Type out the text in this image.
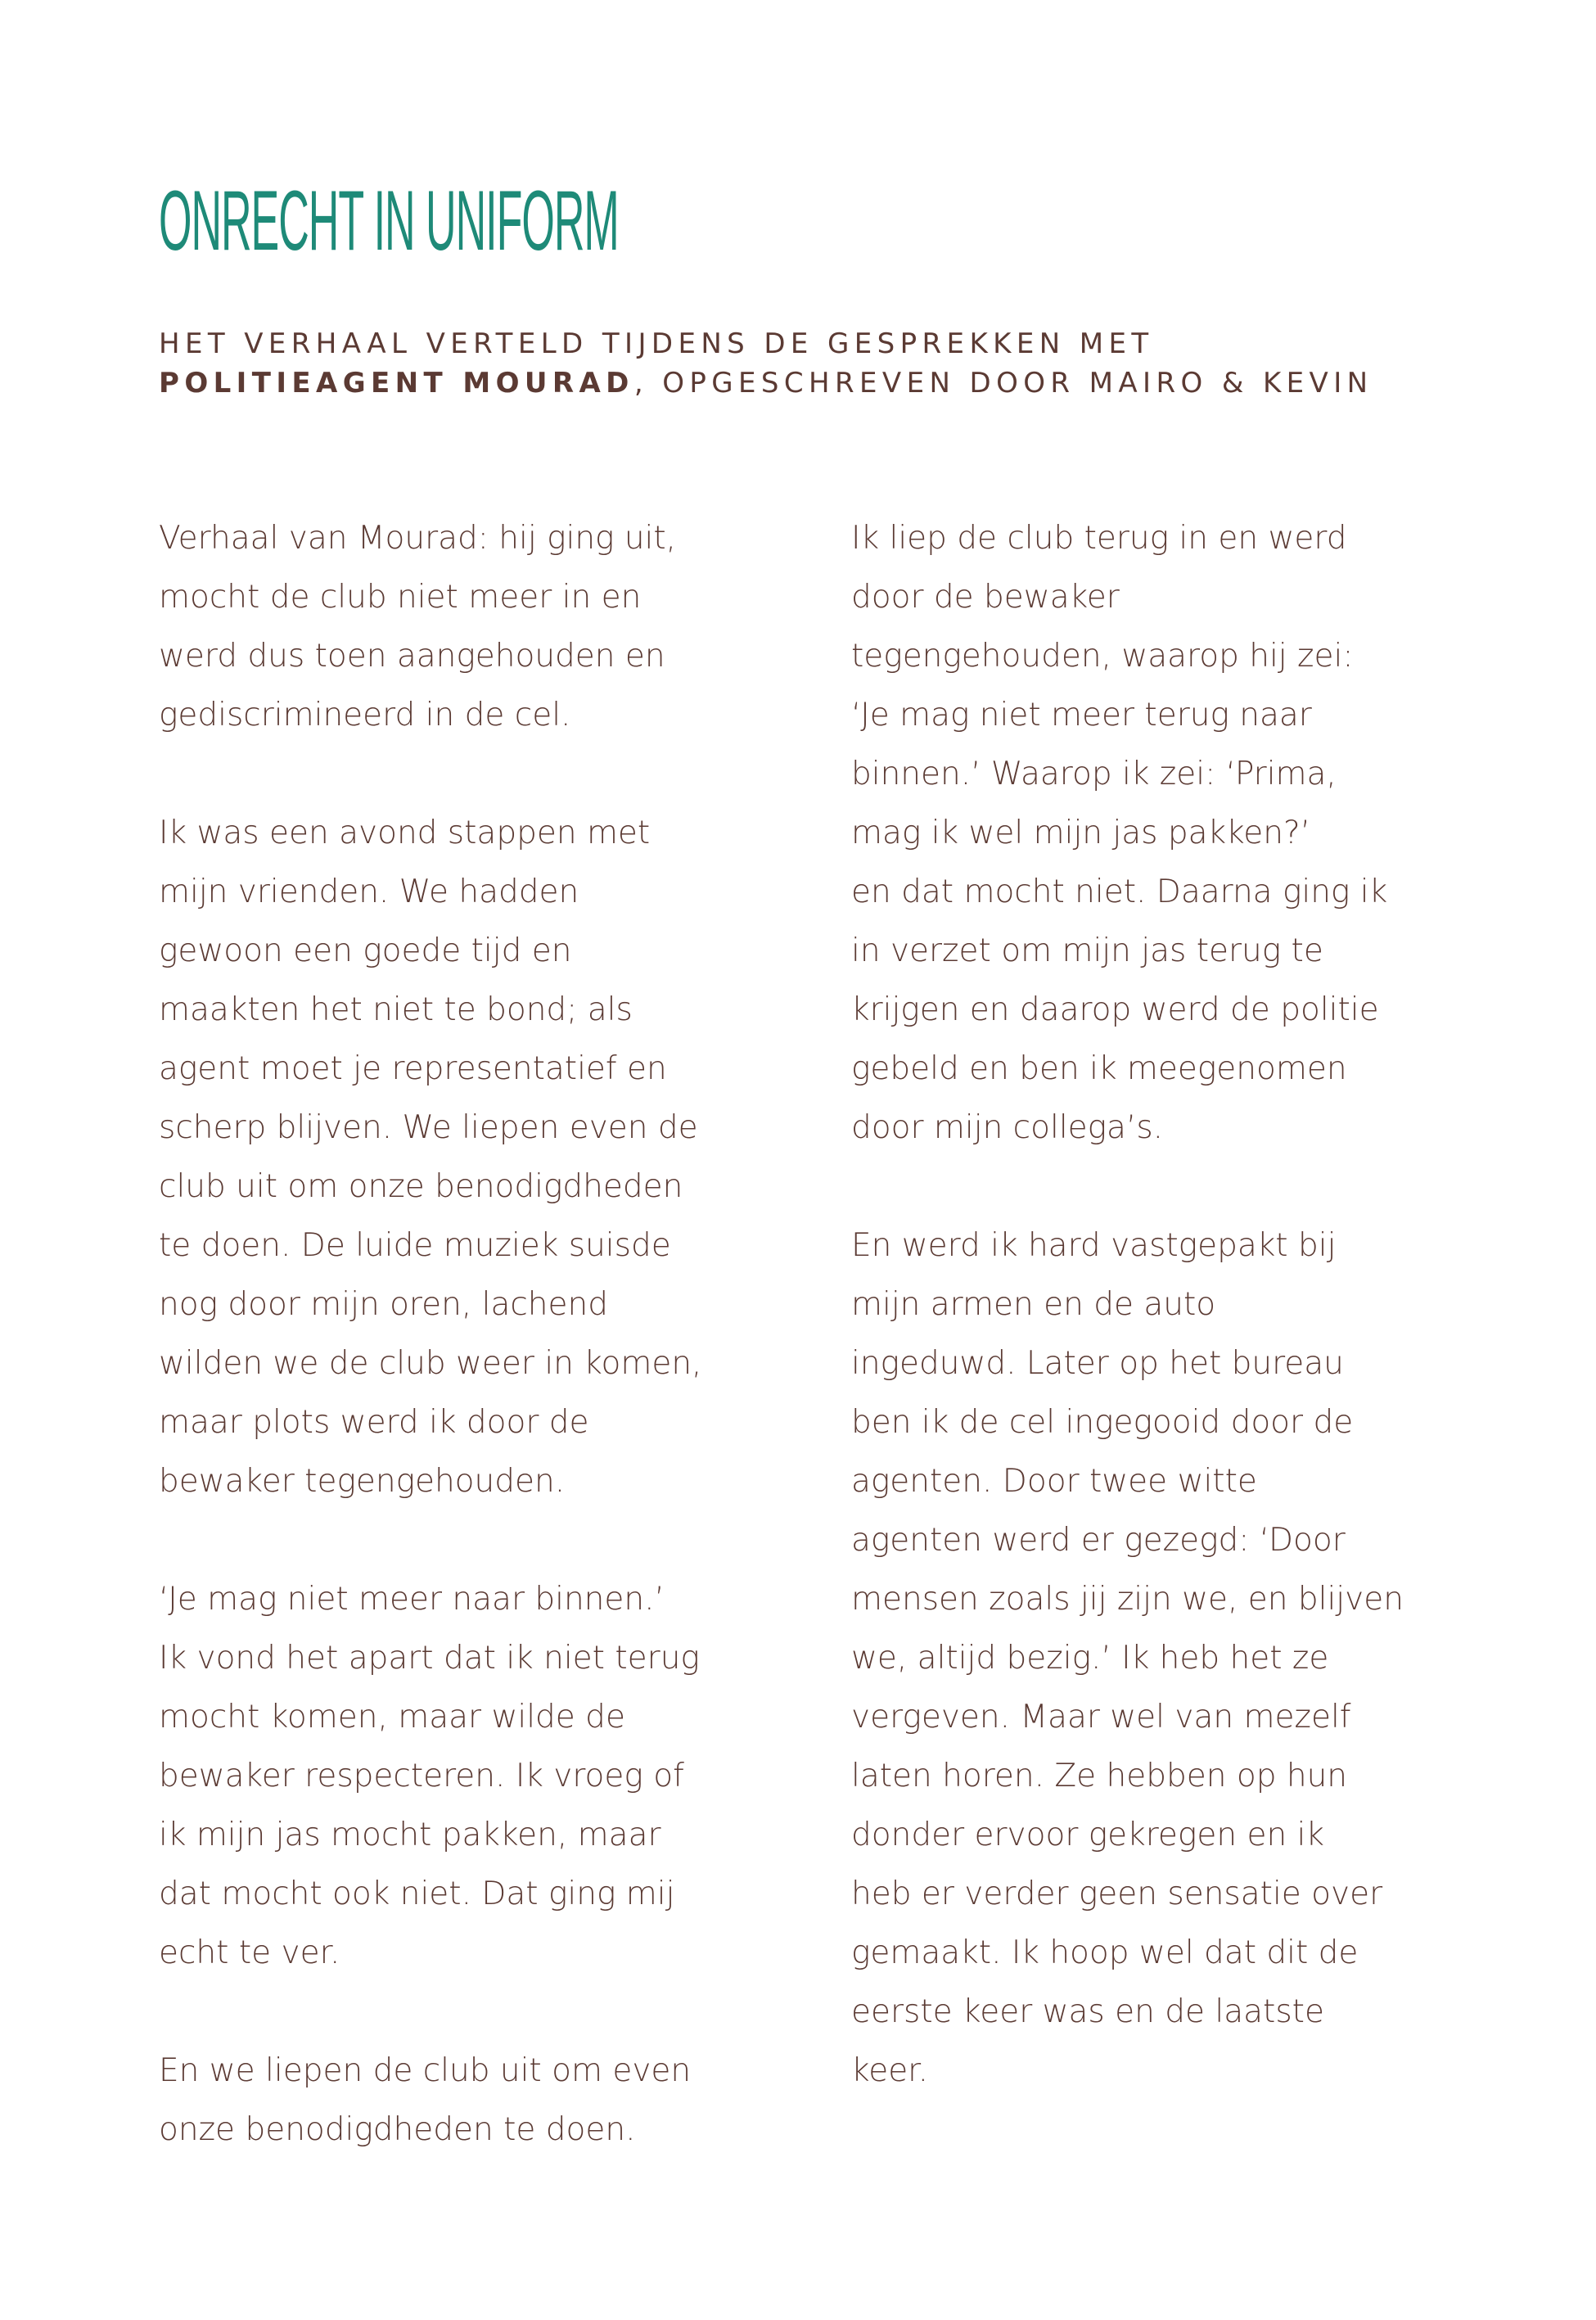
ONRECHT IN UNIFORM
HET VERHAAL VERTELD TIJDENS DE GESPREKKEN MET
POLITIEAGENT MOURAD, OPGESCHREVEN DOOR MAIRO & KEVIN

Verhaal van Mourad: hij ging uit,
mocht de club niet meer in en
werd dus toen aangehouden en
gediscrimineerd in de cel.

Ik was een avond stappen met
mijn vrienden. We hadden
gewoon een goede tijd en
maakten het niet te bond; als
agent moet je representatief en
scherp blijven. We liepen even de
club uit om onze benodigdheden
te doen. De luide muziek suisde
nog door mijn oren, lachend
wilden we de club weer in komen,
maar plots werd ik door de
bewaker tegengehouden.

‘Je mag niet meer naar binnen.’
Ik vond het apart dat ik niet terug
mocht komen, maar wilde de
bewaker respecteren. Ik vroeg of
ik mijn jas mocht pakken, maar
dat mocht ook niet. Dat ging mij
echt te ver.

En we liepen de club uit om even
onze benodigdheden te doen.

Ik liep de club terug in en werd
door de bewaker
tegengehouden, waarop hij zei:
‘Je mag niet meer terug naar
binnen.’ Waarop ik zei: ‘Prima,
mag ik wel mijn jas pakken?’
en dat mocht niet. Daarna ging ik
in verzet om mijn jas terug te
krijgen en daarop werd de politie
gebeld en ben ik meegenomen
door mijn collega’s.

En werd ik hard vastgepakt bij
mijn armen en de auto
ingeduwd. Later op het bureau
ben ik de cel ingegooid door de
agenten. Door twee witte
agenten werd er gezegd: ‘Door
mensen zoals jij zijn we, en blijven
we, altijd bezig.’ Ik heb het ze
vergeven. Maar wel van mezelf
laten horen. Ze hebben op hun
donder ervoor gekregen en ik
heb er verder geen sensatie over
gemaakt. Ik hoop wel dat dit de
eerste keer was en de laatste
keer.
